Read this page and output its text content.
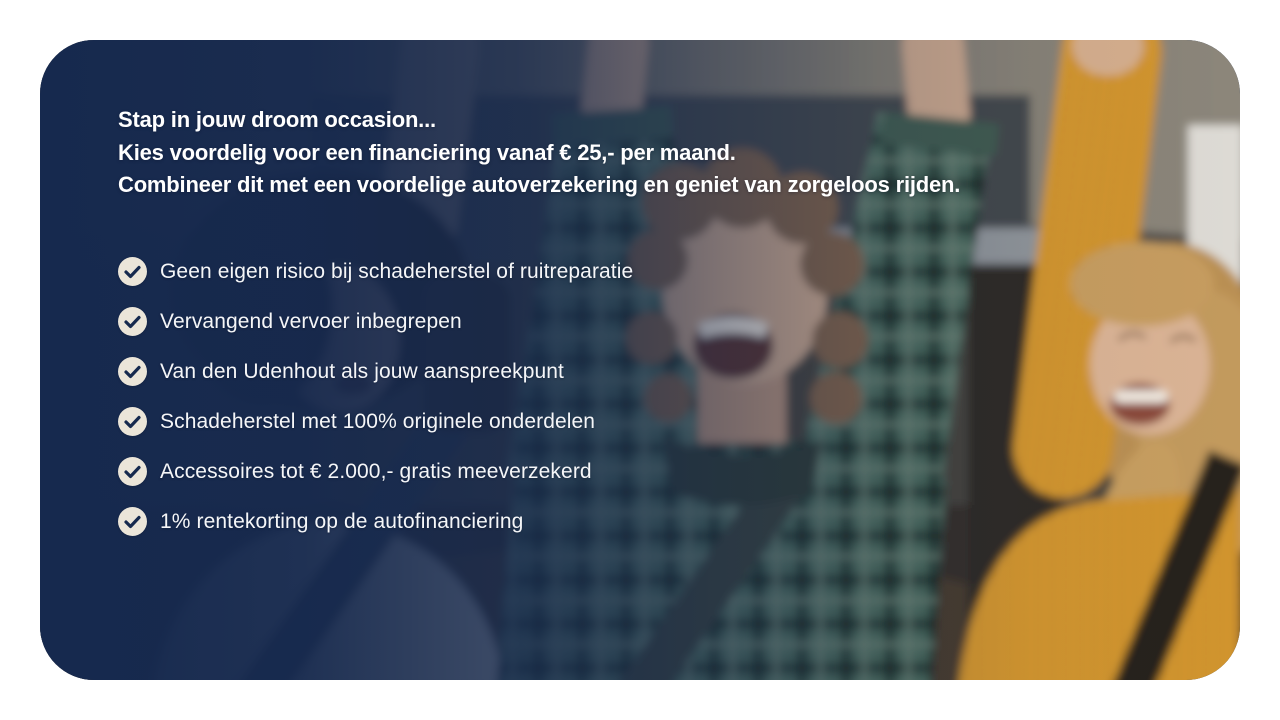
Stap in jouw droom occasion...
Kies voordelig voor een financiering vanaf € 25,- per maand.
Combineer dit met een voordelige autoverzekering en geniet van zorgeloos rijden.
Geen eigen risico bij schadeherstel of ruitreparatie
Vervangend vervoer inbegrepen
Van den Udenhout als jouw aanspreekpunt
Schadeherstel met 100% originele onderdelen
Accessoires tot € 2.000,- gratis meeverzekerd
1% rentekorting op de autofinanciering
